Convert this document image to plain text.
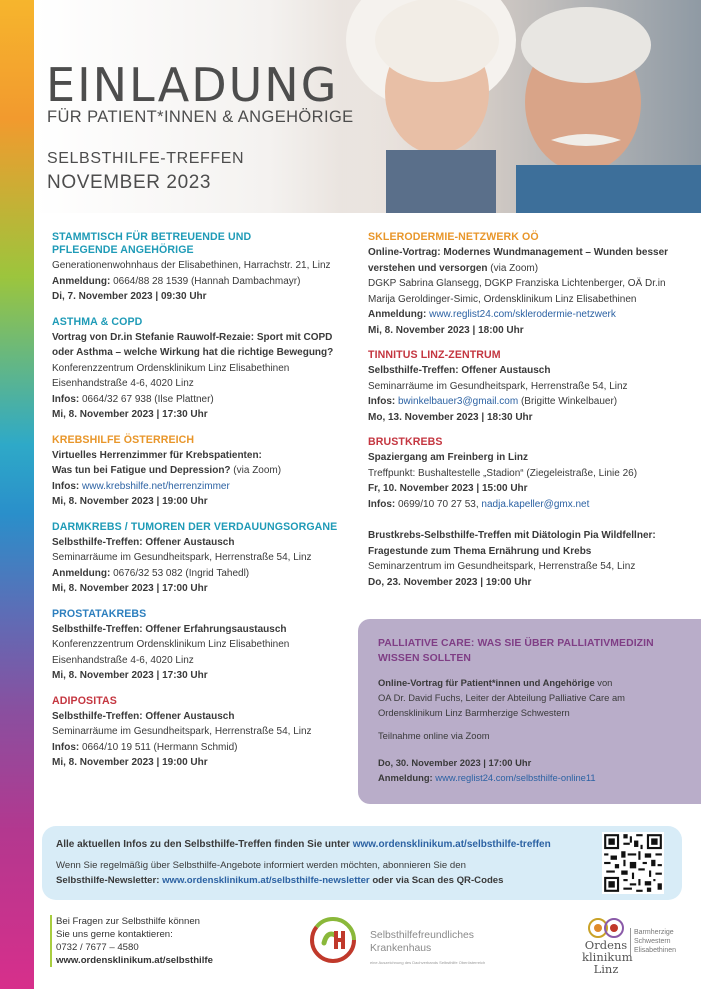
EINLADUNG
FÜR PATIENT*INNEN & ANGEHÖRIGE
SELBSTHILFE-TREFFEN
NOVEMBER 2023
STAMMTISCH FÜR BETREUENDE UND
PFLEGENDE ANGEHÖRIGE
Generationenwohnhaus der Elisabethinen, Harrachstr. 21, Linz
Anmeldung: 0664/88 28 1539 (Hannah Dambachmayr)
Di, 7. November 2023 | 09:30 Uhr
ASTHMA & COPD
Vortrag von Dr.in Stefanie Rauwolf-Rezaie: Sport mit COPD
oder Asthma – welche Wirkung hat die richtige Bewegung?
Konferenzzentrum Ordensklinikum Linz Elisabethinen
Eisenhandstraße 4-6, 4020 Linz
Infos: 0664/32 67 938 (Ilse Plattner)
Mi, 8. November 2023 | 17:30 Uhr
KREBSHILFE ÖSTERREICH
Virtuelles Herrenzimmer für Krebspatienten:
Was tun bei Fatigue und Depression? (via Zoom)
Infos: www.krebshilfe.net/herrenzimmer
Mi, 8. November 2023 | 19:00 Uhr
DARMKREBS / TUMOREN DER VERDAUUNGSORGANE
Selbsthilfe-Treffen: Offener Austausch
Seminarräume im Gesundheitspark, Herrenstraße 54, Linz
Anmeldung: 0676/32 53 082 (Ingrid Tahedl)
Mi, 8. November 2023 | 17:00 Uhr
PROSTATAKREBS
Selbsthilfe-Treffen: Offener Erfahrungsaustausch
Konferenzzentrum Ordensklinikum Linz Elisabethinen
Eisenhandstraße 4-6, 4020 Linz
Mi, 8. November 2023 | 17:30 Uhr
ADIPOSITAS
Selbsthilfe-Treffen: Offener Austausch
Seminarräume im Gesundheitspark, Herrenstraße 54, Linz
Infos: 0664/10 19 511 (Hermann Schmid)
Mi, 8. November 2023 | 19:00 Uhr
SKLERODERMIE-NETZWERK OÖ
Online-Vortrag: Modernes Wundmanagement – Wunden besser
verstehen und versorgen (via Zoom)
DGKP Sabrina Glansegg, DGKP Franziska Lichtenberger, OÄ Dr.in
Marija Geroldinger-Simic, Ordensklinikum Linz Elisabethinen
Anmeldung: www.reglist24.com/sklerodermie-netzwerk
Mi, 8. November 2023 | 18:00 Uhr
TINNITUS LINZ-ZENTRUM
Selbsthilfe-Treffen: Offener Austausch
Seminarräume im Gesundheitspark, Herrenstraße 54, Linz
Infos: bwinkelbauer3@gmail.com (Brigitte Winkelbauer)
Mo, 13. November 2023 | 18:30 Uhr
BRUSTKREBS
Spaziergang am Freinberg in Linz
Treffpunkt: Bushaltestelle „Stadion“ (Ziegeleistraße, Linie 26)
Fr, 10. November 2023 | 15:00 Uhr
Infos: 0699/10 70 27 53, nadja.kapeller@gmx.net
Brustkrebs-Selbsthilfe-Treffen mit Diätologin Pia Wildfellner:
Fragestunde zum Thema Ernährung und Krebs
Seminarzentrum im Gesundheitspark, Herrenstraße 54, Linz
Do, 23. November 2023 | 19:00 Uhr
PALLIATIVE CARE: WAS SIE ÜBER PALLIATIVMEDIZIN
WISSEN SOLLTEN
Online-Vortrag für Patient*innen und Angehörige von
OA Dr. David Fuchs, Leiter der Abteilung Palliative Care am
Ordensklinikum Linz Barmherzige Schwestern
Teilnahme online via Zoom
Do, 30. November 2023 | 17:00 Uhr
Anmeldung: www.reglist24.com/selbsthilfe-online11
Alle aktuellen Infos zu den Selbsthilfe-Treffen finden Sie unter www.ordensklinikum.at/selbsthilfe-treffen
Wenn Sie regelmäßig über Selbsthilfe-Angebote informiert werden möchten, abonnieren Sie den
Selbsthilfe-Newsletter: www.ordensklinikum.at/selbsthilfe-newsletter oder via Scan des QR-Codes
Bei Fragen zur Selbsthilfe können
Sie uns gerne kontaktieren:
0732 / 7677 – 4580
www.ordensklinikum.at/selbsthilfe
Selbsthilfefreundliches
Krankenhaus
eine Auszeichnung des Dachverbands Selbsthilfe Oberösterreich
Ordens
klinikum
Linz
Barmherzige
Schwestern
Elisabethinen
